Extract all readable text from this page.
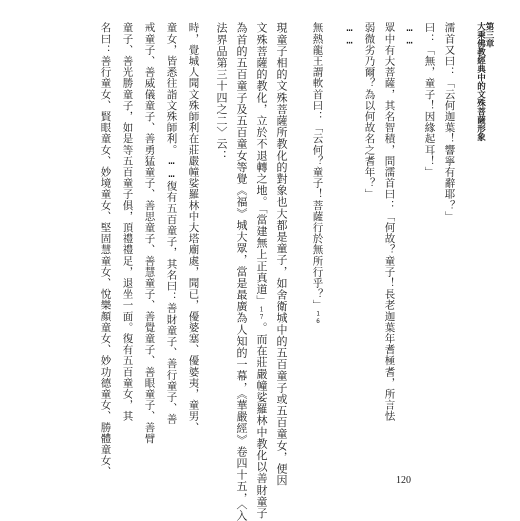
第三章
大乘佛教經典中的文殊菩薩形象
濡首又曰：「云何迦葉！響寧有辭耶？」
曰：「無，童子！因緣起耳！」
……
眾中有大菩薩，其名智積，問濡首曰：「何故？童子！長老迦葉年耆極耆，所言怯
弱微劣乃爾？為以何故名之耆年？」
……
無熱龍王謂軟首曰：「云何？童子！菩薩行於無所行乎？」16
現童子相的文殊菩薩所教化的對象也大都是童子，如舍衛城中的五百童子或五百童女，便因
文殊菩薩的教化，立於不退轉之地。「當建無上正真道」17。而在莊嚴幢娑羅林中教化以善財童子
為首的五百童子及五百童女等覺《福》城大眾，當是最廣為人知的一幕，《華嚴經》卷四十五，〈入
法界品第三十四之二〉云：
時，覺城人聞文殊師利在莊嚴幢娑羅林中大塔廟處，聞已，優婆塞、優婆夷，童男、
童女，皆悉往詣文殊師利。……復有五百童子，其名曰：善財童子、善行童子、善
戒童子、善威儀童子、善勇猛童子、善思童子、善慧童子、善覺童子、善眼童子、善臂
童子、善光勝童子，如是等五百童子俱，頂禮禮足，退坐一面。復有五百童女，其
名曰：善行童女、賢眼童女、妙境童女、堅固慧童女、悅樂顏童女、妙功德童女、勝體童女、
120
